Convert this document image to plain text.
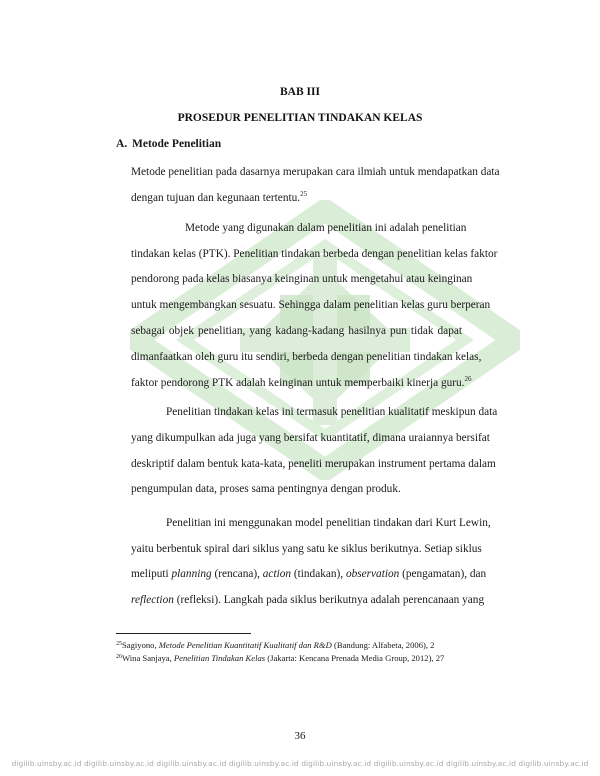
BAB III
PROSEDUR PENELITIAN TINDAKAN KELAS
A. Metode Penelitian
Metode penelitian pada dasarnya merupakan cara ilmiah untuk mendapatkan data
dengan tujuan dan kegunaan tertentu.$^{25}$
Metode yang digunakan dalam penelitian ini adalah penelitian
tindakan kelas (PTK). Penelitian tindakan berbeda dengan penelitian kelas faktor
pendorong pada kelas biasanya keinginan untuk mengetahui atau keinginan
untuk mengembangkan sesuatu. Sehingga dalam penelitian kelas guru berperan
sebagai objek penelitian, yang kadang-kadang hasilnya pun tidak dapat
dimanfaatkan oleh guru itu sendiri, berbeda dengan penelitian tindakan kelas,
faktor pendorong PTK adalah keinginan untuk memperbaiki kinerja guru.$^{26}$
Penelitian tindakan kelas ini termasuk penelitian kualitatif meskipun data
yang dikumpulkan ada juga yang bersifat kuantitatif, dimana uraiannya bersifat
deskriptif dalam bentuk kata-kata, peneliti merupakan instrument pertama dalam
pengumpulan data, proses sama pentingnya dengan produk.
Penelitian ini menggunakan model penelitian tindakan dari Kurt Lewin,
yaitu berbentuk spiral dari siklus yang satu ke siklus berikutnya. Setiap siklus
meliputi planning (rencana), action (tindakan), observation (pengamatan), dan
reflection (refleksi). Langkah pada siklus berikutnya adalah perencanaan yang
$^{25}$Sagiyono, Metode Penelitian Kuantitatif Kualitatif dan R&D (Bandung: Alfabeta, 2006), 2
$^{26}$Wina Sanjaya, Penelitian Tindakan Kelas (Jakarta: Kencana Prenada Media Group, 2012), 27
36
digilib.uinsby.ac.id digilib.uinsby.ac.id digilib.uinsby.ac.id digilib.uinsby.ac.id digilib.uinsby.ac.id digilib.uinsby.ac.id digilib.uinsby.ac.id digilib.uinsby.ac.id
